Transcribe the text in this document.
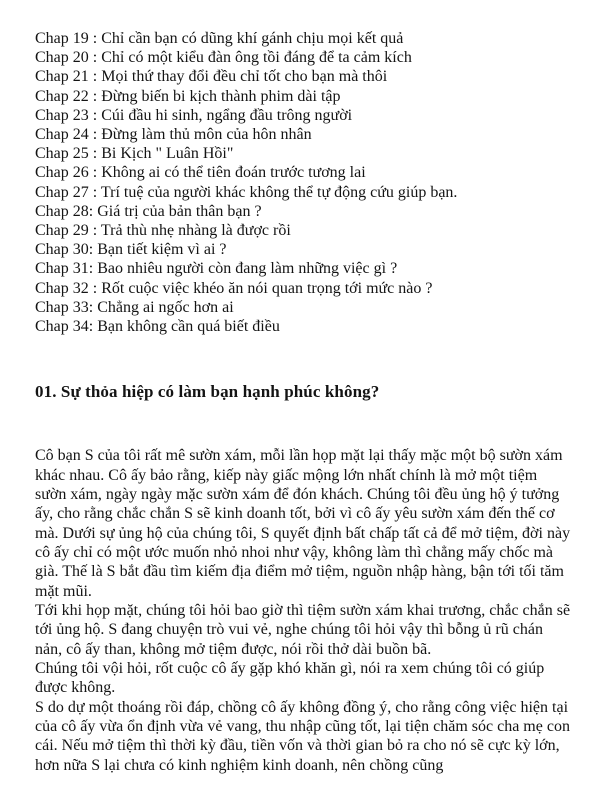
Chap 19 : Chỉ cần bạn có dũng khí gánh chịu mọi kết quả
Chap 20 : Chỉ có một kiểu đàn ông tồi đáng để ta cảm kích
Chap 21 : Mọi thứ thay đổi đều chỉ tốt cho bạn mà thôi
Chap 22 : Đừng biến bi kịch thành phim dài tập
Chap 23 : Cúi đầu hi sinh, ngẩng đầu trông người
Chap 24 : Đừng làm thủ môn của hôn nhân
Chap 25 : Bi Kịch " Luân Hồi"
Chap 26 : Không ai có thể tiên đoán trước tương lai
Chap 27 : Trí tuệ của người khác không thể tự động cứu giúp bạn.
Chap 28: Giá trị của bản thân bạn ?
Chap 29 : Trả thù nhẹ nhàng là được rồi
Chap 30: Bạn tiết kiệm vì ai ?
Chap 31: Bao nhiêu người còn đang làm những việc gì ?
Chap 32 : Rốt cuộc việc khéo ăn nói quan trọng tới mức nào ?
Chap 33: Chẳng ai ngốc hơn ai
Chap 34: Bạn không cần quá biết điều
01. Sự thỏa hiệp có làm bạn hạnh phúc không?

Cô bạn S của tôi rất mê sườn xám, mỗi lần họp mặt lại thấy mặc một bộ sườn xám khác nhau. Cô ấy bảo rằng, kiếp này giấc mộng lớn nhất chính là mở một tiệm sườn xám, ngày ngày mặc sườn xám để đón khách. Chúng tôi đều ủng hộ ý tưởng ấy, cho rằng chắc chắn S sẽ kinh doanh tốt, bởi vì cô ấy yêu sườn xám đến thế cơ mà. Dưới sự ủng hộ của chúng tôi, S quyết định bất chấp tất cả để mở tiệm, đời này cô ấy chỉ có một ước muốn nhỏ nhoi như vậy, không làm thì chẳng mấy chốc mà già. Thế là S bắt đầu tìm kiếm địa điểm mở tiệm, nguồn nhập hàng, bận tới tối tăm mặt mũi.

Tới khi họp mặt, chúng tôi hỏi bao giờ thì tiệm sườn xám khai trương, chắc chắn sẽ tới ủng hộ. S đang chuyện trò vui vẻ, nghe chúng tôi hỏi vậy thì bỗng ủ rũ chán nản, cô ấy than, không mở tiệm được, nói rồi thở dài buồn bã.

Chúng tôi vội hỏi, rốt cuộc cô ấy gặp khó khăn gì, nói ra xem chúng tôi có giúp được không.

S do dự một thoáng rồi đáp, chồng cô ấy không đồng ý, cho rằng công việc hiện tại của cô ấy vừa ổn định vừa vẻ vang, thu nhập cũng tốt, lại tiện chăm sóc cha mẹ con cái. Nếu mở tiệm thì thời kỳ đầu, tiền vốn và thời gian bỏ ra cho nó sẽ cực kỳ lớn, hơn nữa S lại chưa có kinh nghiệm kinh doanh, nên chồng cũng
